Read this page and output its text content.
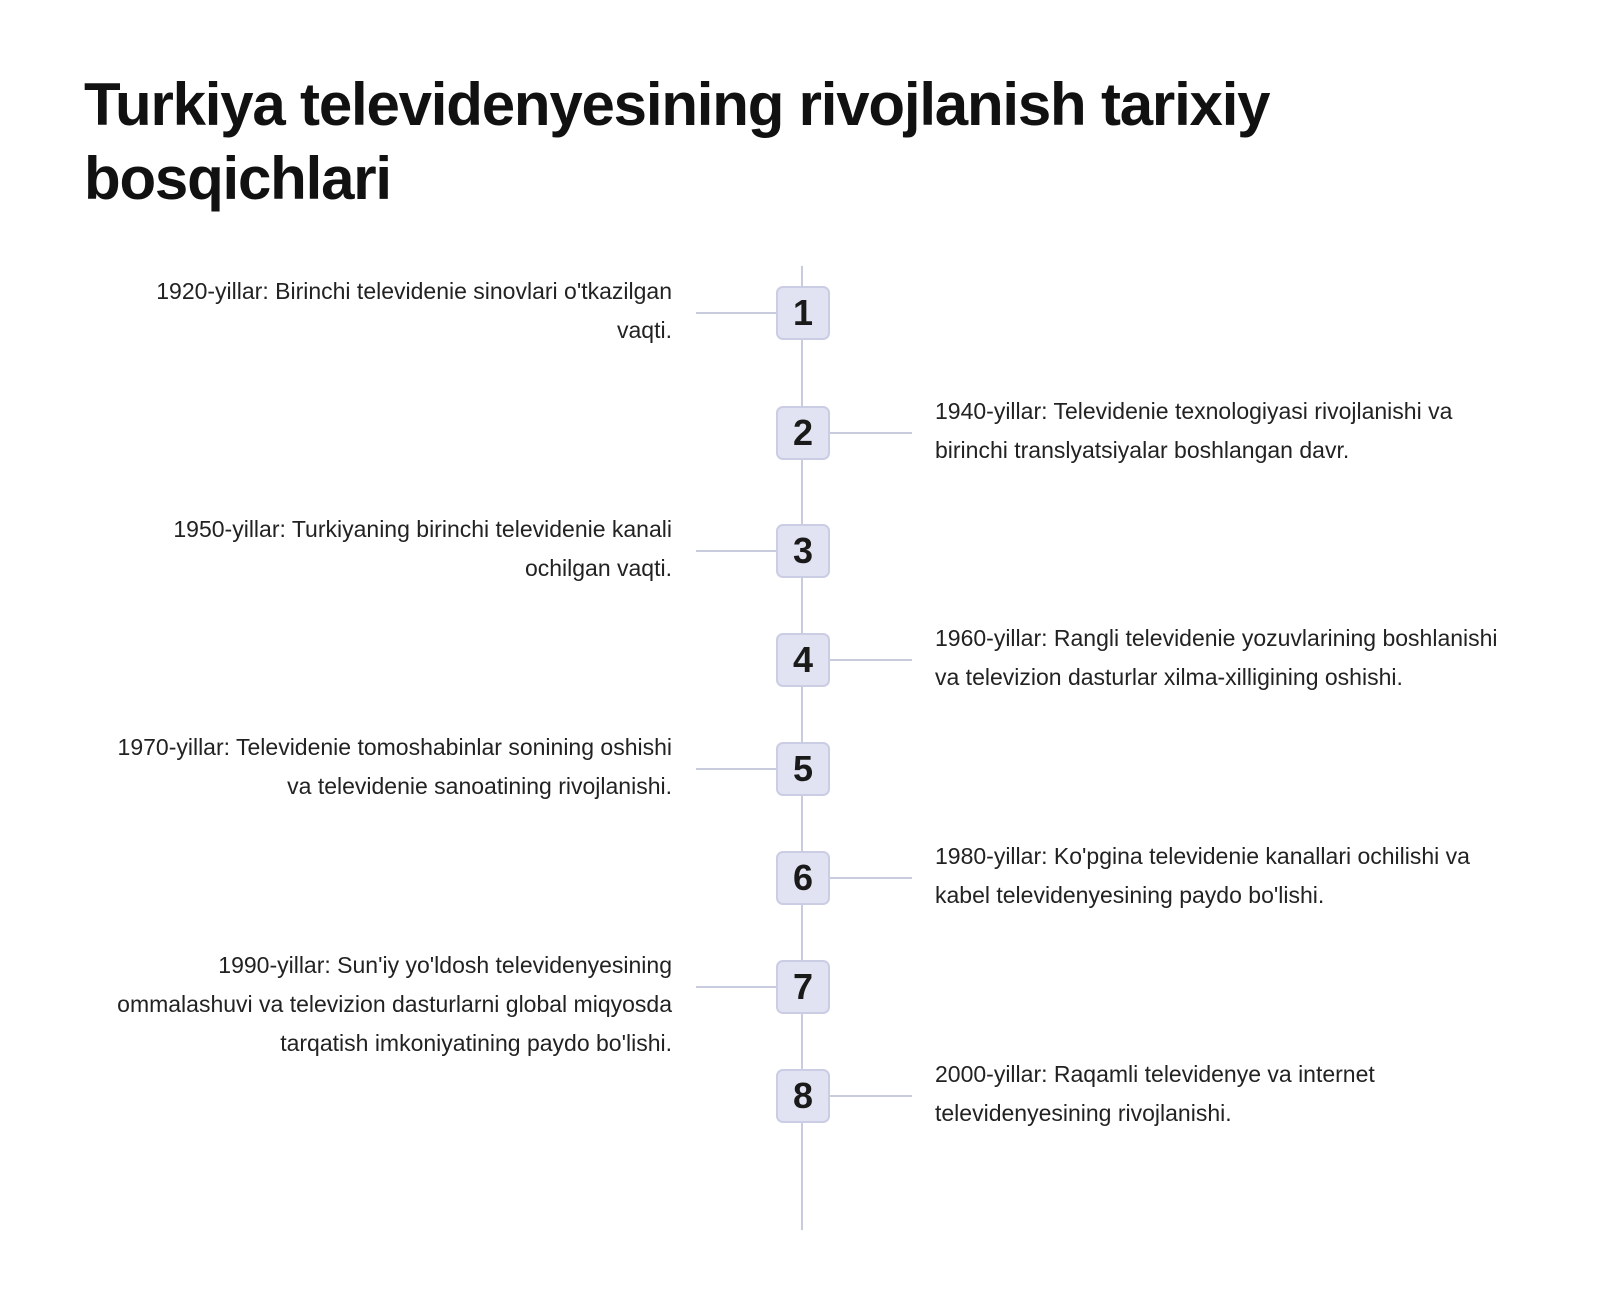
Turkiya televidenyesining rivojlanish tarixiy bosqichlari
1
1920-yillar: Birinchi televidenie sinovlari o'tkazilgan vaqti.
2
1940-yillar: Televidenie texnologiyasi rivojlanishi va birinchi translyatsiyalar boshlangan davr.
3
1950-yillar: Turkiyaning birinchi televidenie kanali ochilgan vaqti.
4
1960-yillar: Rangli televidenie yozuvlarining boshlanishi va televizion dasturlar xilma-xilligining oshishi.
5
1970-yillar: Televidenie tomoshabinlar sonining oshishi va televidenie sanoatining rivojlanishi.
6
1980-yillar: Ko'pgina televidenie kanallari ochilishi va kabel televidenyesining paydo bo'lishi.
7
1990-yillar: Sun'iy yo'ldosh televidenyesining ommalashuvi va televizion dasturlarni global miqyosda tarqatish imkoniyatining paydo bo'lishi.
8
2000-yillar: Raqamli televidenye va internet televidenyesining rivojlanishi.
